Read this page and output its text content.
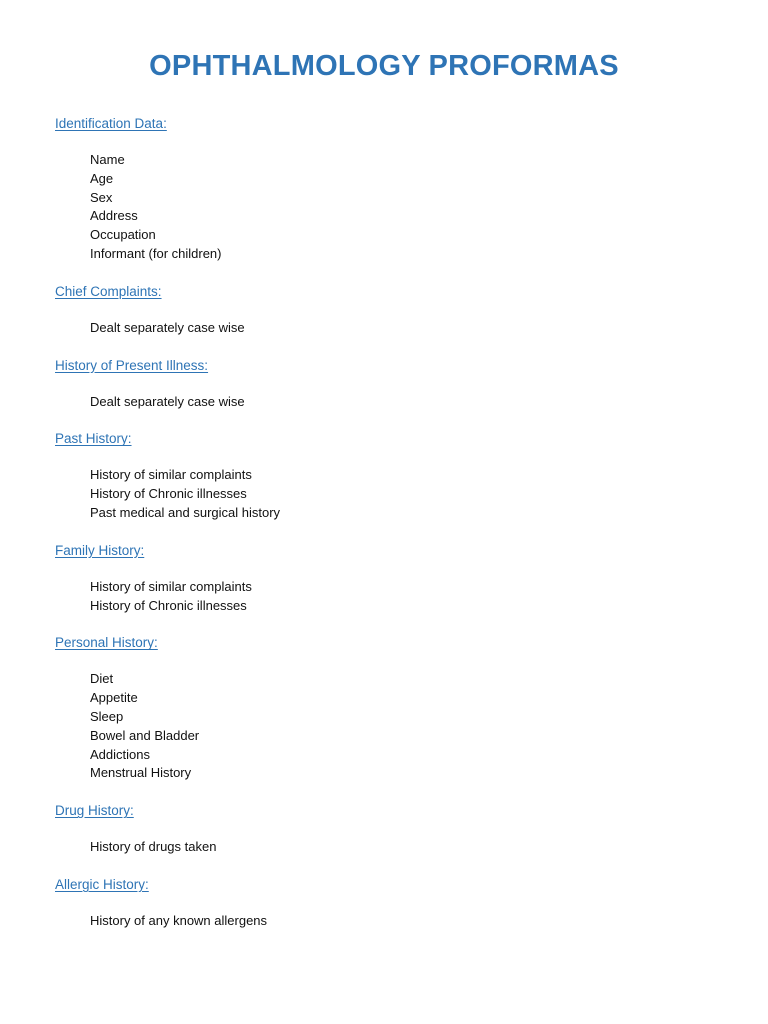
OPHTHALMOLOGY PROFORMAS
Identification Data:
Name
Age
Sex
Address
Occupation
Informant (for children)
Chief Complaints:
Dealt separately case wise
History of Present Illness:
Dealt separately case wise
Past History:
History of similar complaints
History of Chronic illnesses
Past medical and surgical history
Family History:
History of similar complaints
History of Chronic illnesses
Personal History:
Diet
Appetite
Sleep
Bowel and Bladder
Addictions
Menstrual History
Drug History:
History of drugs taken
Allergic History:
History of any known allergens
